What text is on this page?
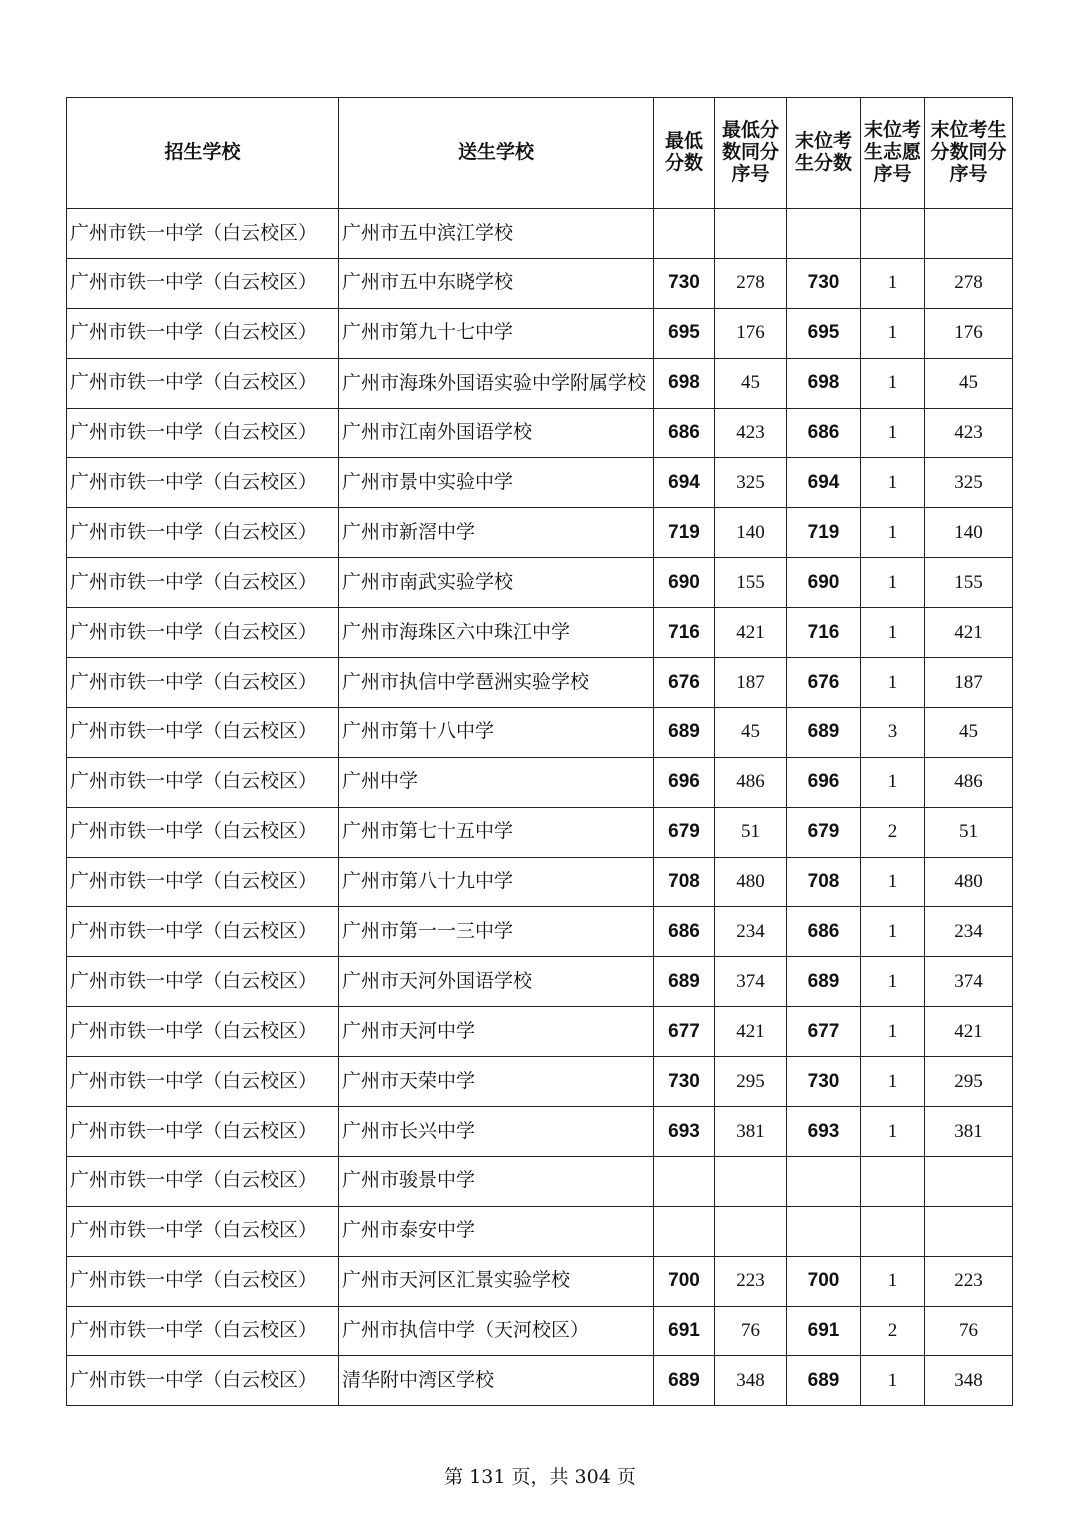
招生学校	送生学校	最低分数	最低分数同分序号	末位考生分数	末位考生志愿序号	末位考生分数同分序号
广州市铁一中学（白云校区）	广州市五中滨江学校					
广州市铁一中学（白云校区）	广州市五中东晓学校	730	278	730	1	278
广州市铁一中学（白云校区）	广州市第九十七中学	695	176	695	1	176
广州市铁一中学（白云校区）	广州市海珠外国语实验中学附属学校	698	45	698	1	45
广州市铁一中学（白云校区）	广州市江南外国语学校	686	423	686	1	423
广州市铁一中学（白云校区）	广州市景中实验中学	694	325	694	1	325
广州市铁一中学（白云校区）	广州市新滘中学	719	140	719	1	140
广州市铁一中学（白云校区）	广州市南武实验学校	690	155	690	1	155
广州市铁一中学（白云校区）	广州市海珠区六中珠江中学	716	421	716	1	421
广州市铁一中学（白云校区）	广州市执信中学琶洲实验学校	676	187	676	1	187
广州市铁一中学（白云校区）	广州市第十八中学	689	45	689	3	45
广州市铁一中学（白云校区）	广州中学	696	486	696	1	486
广州市铁一中学（白云校区）	广州市第七十五中学	679	51	679	2	51
广州市铁一中学（白云校区）	广州市第八十九中学	708	480	708	1	480
广州市铁一中学（白云校区）	广州市第一一三中学	686	234	686	1	234
广州市铁一中学（白云校区）	广州市天河外国语学校	689	374	689	1	374
广州市铁一中学（白云校区）	广州市天河中学	677	421	677	1	421
广州市铁一中学（白云校区）	广州市天荣中学	730	295	730	1	295
广州市铁一中学（白云校区）	广州市长兴中学	693	381	693	1	381
广州市铁一中学（白云校区）	广州市骏景中学					
广州市铁一中学（白云校区）	广州市泰安中学					
广州市铁一中学（白云校区）	广州市天河区汇景实验学校	700	223	700	1	223
广州市铁一中学（白云校区）	广州市执信中学（天河校区）	691	76	691	2	76
广州市铁一中学（白云校区）	清华附中湾区学校	689	348	689	1	348
第 131 页，共 304 页
